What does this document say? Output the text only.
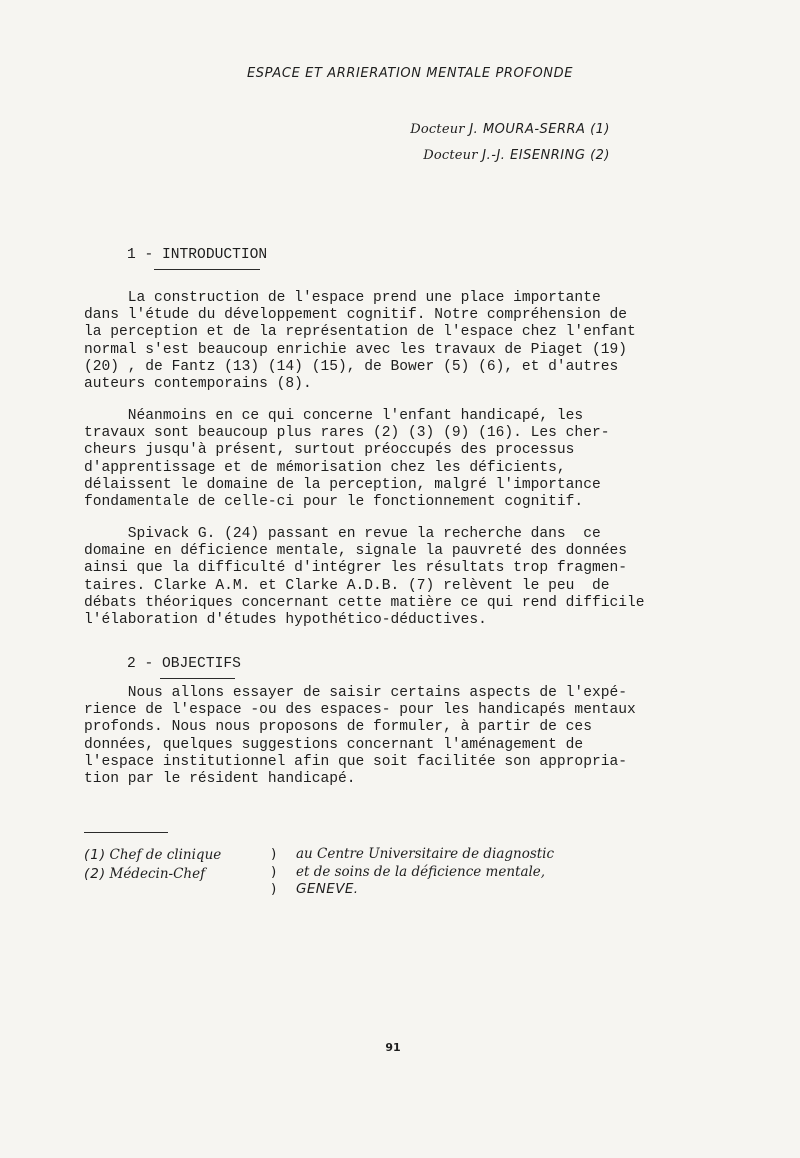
ESPACE ET ARRIERATION MENTALE PROFONDE
Docteur J. MOURA-SERRA (1)
Docteur J.-J. EISENRING (2)
1 - INTRODUCTION
La construction de l'espace prend une place importante
dans l'étude du développement cognitif. Notre compréhension de
la perception et de la représentation de l'espace chez l'enfant
normal s'est beaucoup enrichie avec les travaux de Piaget (19)
(20) , de Fantz (13) (14) (15), de Bower (5) (6), et d'autres
auteurs contemporains (8).
Néanmoins en ce qui concerne l'enfant handicapé, les
travaux sont beaucoup plus rares (2) (3) (9) (16). Les cher-
cheurs jusqu'à présent, surtout préoccupés des processus
d'apprentissage et de mémorisation chez les déficients,
délaissent le domaine de la perception, malgré l'importance
fondamentale de celle-ci pour le fonctionnement cognitif.
Spivack G. (24) passant en revue la recherche dans  ce
domaine en déficience mentale, signale la pauvreté des données
ainsi que la difficulté d'intégrer les résultats trop fragmen-
taires. Clarke A.M. et Clarke A.D.B. (7) relèvent le peu  de
débats théoriques concernant cette matière ce qui rend difficile
l'élaboration d'études hypothético-déductives.
2 - OBJECTIFS
Nous allons essayer de saisir certains aspects de l'expé-
rience de l'espace -ou des espaces- pour les handicapés mentaux
profonds. Nous nous proposons de formuler, à partir de ces
données, quelques suggestions concernant l'aménagement de
l'espace institutionnel afin que soit facilitée son appropria-
tion par le résident handicapé.
(1) Chef de clinique
(2) Médecin-Chef
)
)
)
au Centre Universitaire de diagnostic
et de soins de la déficience mentale,
GENEVE.
91
